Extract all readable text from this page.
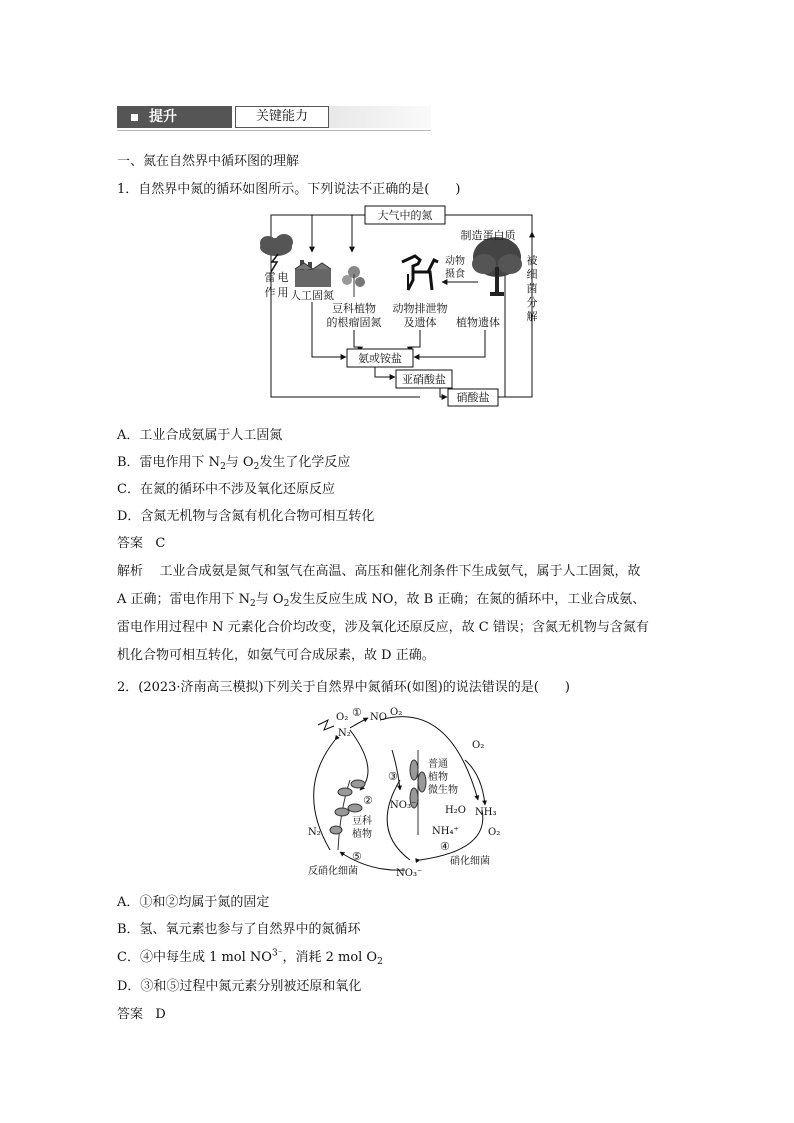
提升	关键能力
一、氮在自然界中循环图的理解
1．自然界中氮的循环如图所示。下列说法不正确的是(　　)
大气中的氮
雷 电
作 用 人工固氮
豆科植物
的根瘤固氮
动物
摄食
动物排泄物
及遗体
制造蛋白质
植物遗体
被
细
菌
分
解
氨或铵盐
亚硝酸盐
硝酸盐
A．工业合成氨属于人工固氮
B．雷电作用下 $N_2$与 $O_2$发生了化学反应
C．在氮的循环中不涉及氧化还原反应
D．含氮无机物与含氮有机化合物可相互转化
答案 C
解析 工业合成氨是氮气和氢气在高温、高压和催化剂条件下生成氨气，属于人工固氮，故
A 正确；雷电作用下 $N_2$与 $O_2$发生反应生成 NO，故 B 正确；在氮的循环中，工业合成氨、
雷电作用过程中 N 元素化合价均改变，涉及氧化还原反应，故 C 错误；含氮无机物与含氮有
机化合物可相互转化，如氨气可合成尿素，故 D 正确。
2．(2023·济南高三模拟)下列关于自然界中氮循环(如图)的说法错误的是(　　)
O₂ ① NO O₂
N₂
②
豆科
植物
③
普通
植物
微生物
O₂
NO₃⁻	H₂O NH₃
NH₄⁺	O₂
N₂
④
⑤	硝化细菌
反硝化细菌	NO₃⁻
A．①和②均属于氮的固定
B．氢、氧元素也参与了自然界中的氮循环
C．④中每生成 1 mol $NO^{3^-}$，消耗 2 mol $O_2$
D．③和⑤过程中氮元素分别被还原和氧化
答案 D
